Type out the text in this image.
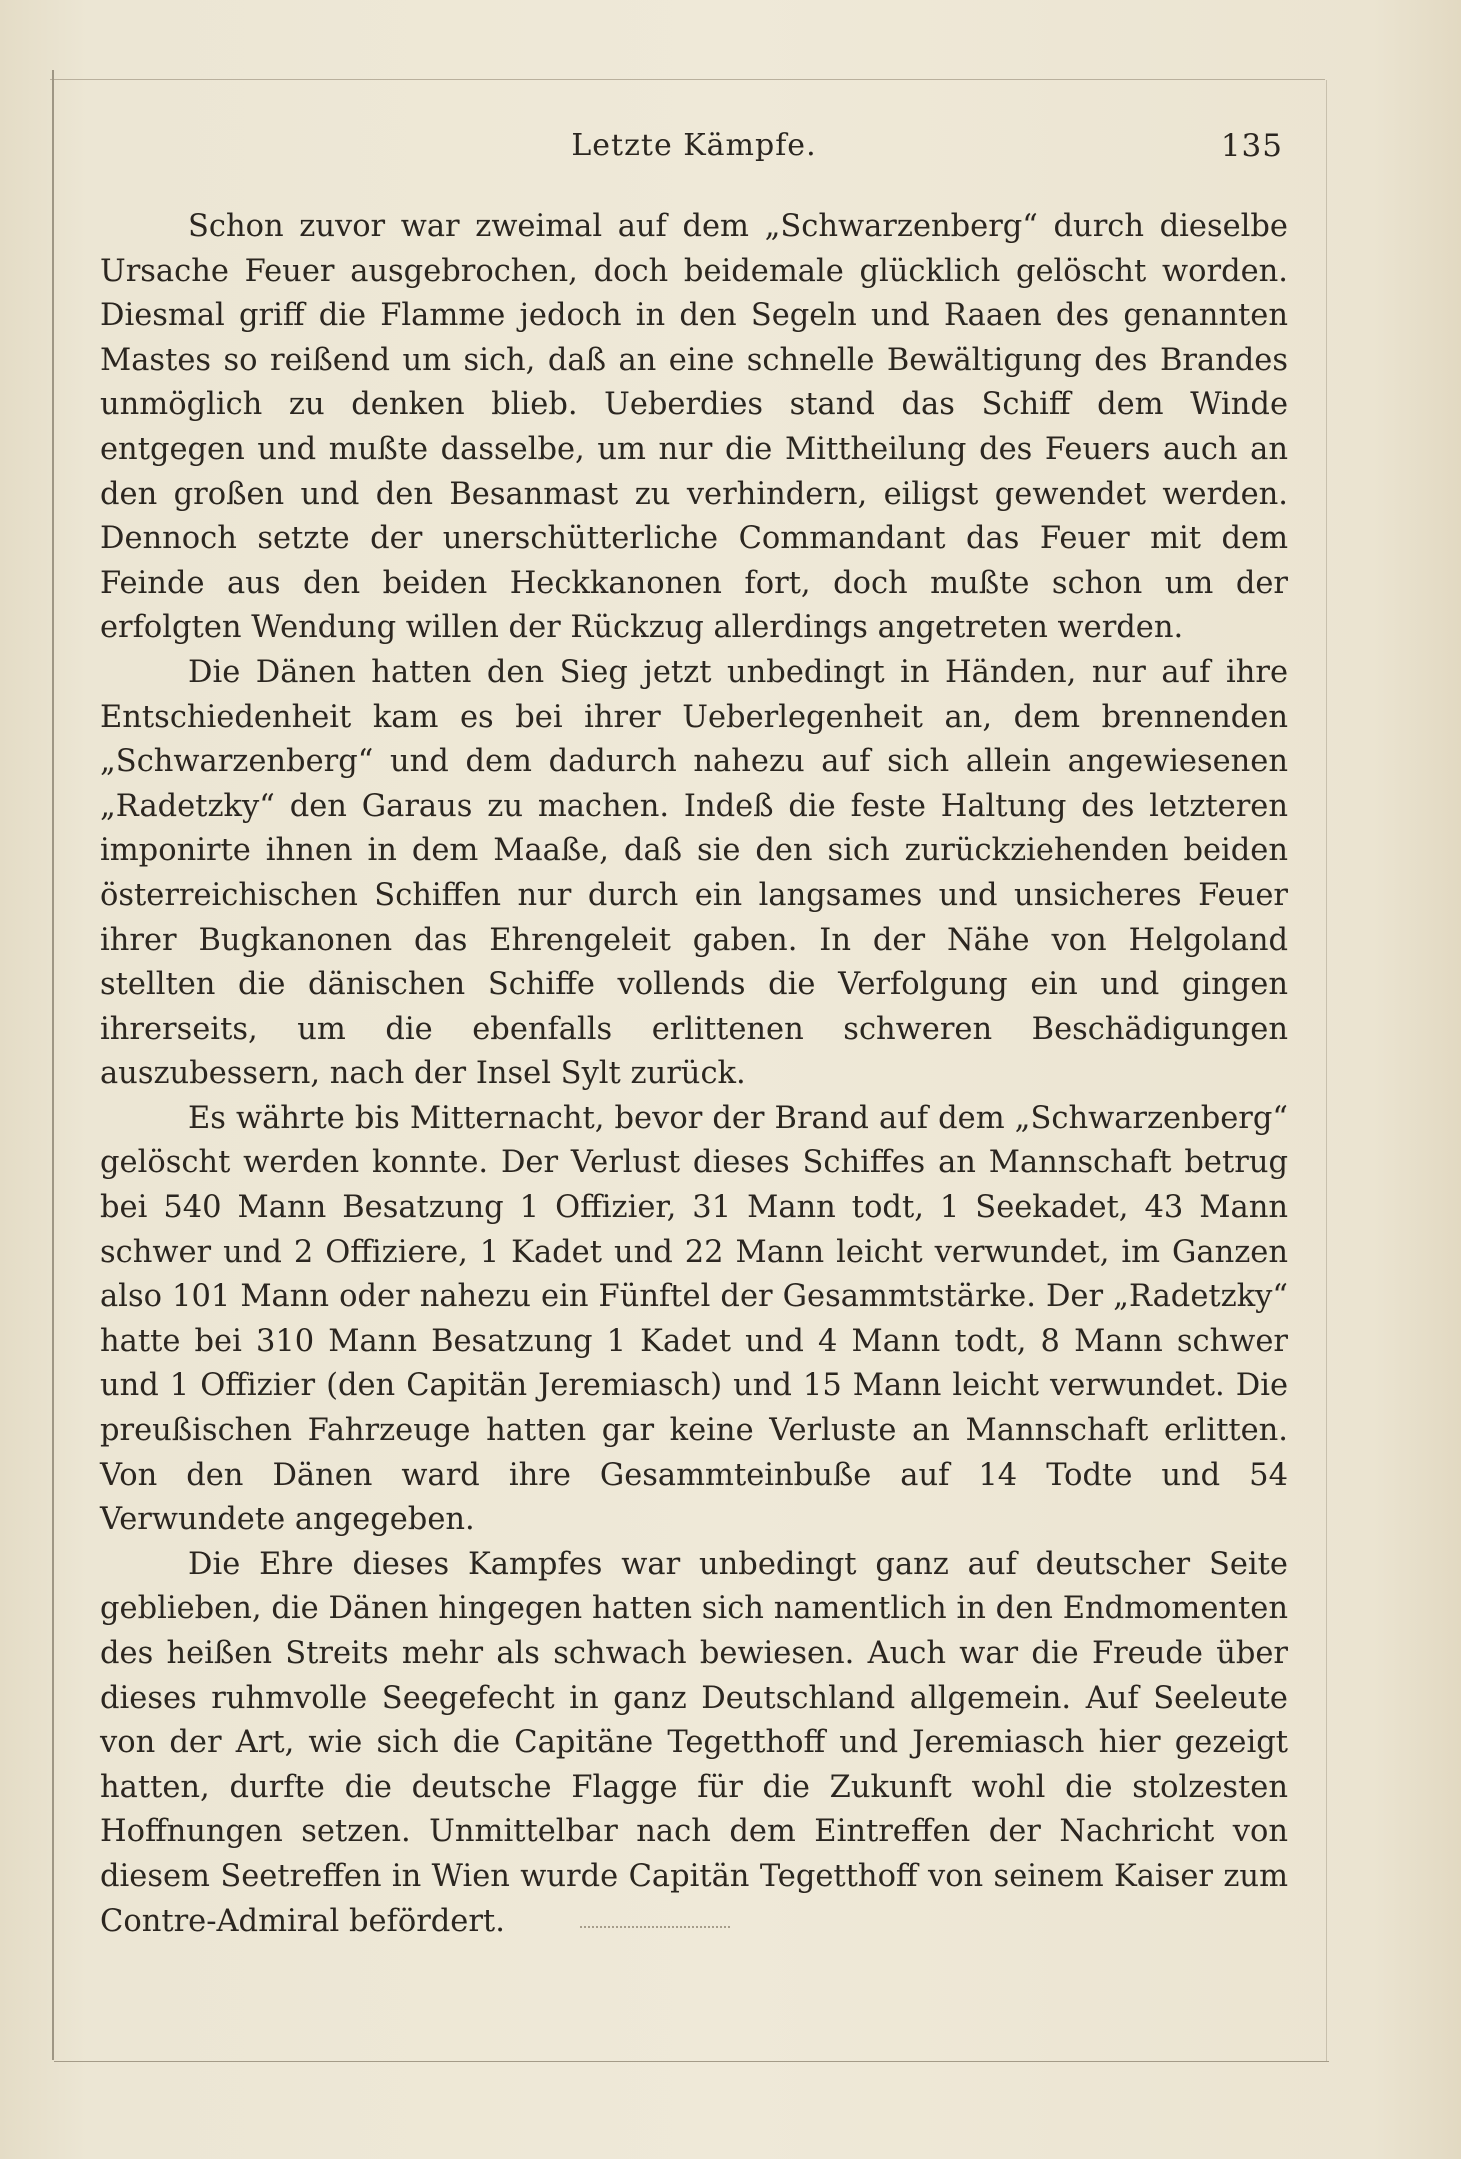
Letzte Kämpfe.	135

Schon zuvor war zweimal auf dem „Schwarzenberg“ durch dieselbe Ursache Feuer ausgebrochen, doch beidemale glücklich gelöscht worden. Diesmal griff die Flamme jedoch in den Segeln und Raaen des genannten Mastes so reißend um sich, daß an eine schnelle Bewältigung des Brandes unmöglich zu denken blieb. Ueberdies stand das Schiff dem Winde entgegen und mußte dasselbe, um nur die Mittheilung des Feuers auch an den großen und den Besanmast zu verhindern, eiligst gewendet werden. Dennoch setzte der unerschütterliche Commandant das Feuer mit dem Feinde aus den beiden Heckkanonen fort, doch mußte schon um der erfolgten Wendung willen der Rückzug allerdings angetreten werden.

Die Dänen hatten den Sieg jetzt unbedingt in Händen, nur auf ihre Entschiedenheit kam es bei ihrer Ueberlegenheit an, dem brennenden „Schwarzenberg“ und dem dadurch nahezu auf sich allein angewiesenen „Radetzky“ den Garaus zu machen. Indeß die feste Haltung des letzteren imponirte ihnen in dem Maaße, daß sie den sich zurückziehenden beiden österreichischen Schiffen nur durch ein langsames und unsicheres Feuer ihrer Bugkanonen das Ehrengeleit gaben. In der Nähe von Helgoland stellten die dänischen Schiffe vollends die Verfolgung ein und gingen ihrerseits, um die ebenfalls erlittenen schweren Beschädigungen auszubessern, nach der Insel Sylt zurück.

Es währte bis Mitternacht, bevor der Brand auf dem „Schwarzenberg“ gelöscht werden konnte. Der Verlust dieses Schiffes an Mannschaft betrug bei 540 Mann Besatzung 1 Offizier, 31 Mann todt, 1 Seekadet, 43 Mann schwer und 2 Offiziere, 1 Kadet und 22 Mann leicht verwundet, im Ganzen also 101 Mann oder nahezu ein Fünftel der Gesammtstärke. Der „Radetzky“ hatte bei 310 Mann Besatzung 1 Kadet und 4 Mann todt, 8 Mann schwer und 1 Offizier (den Capitän Jeremiasch) und 15 Mann leicht verwundet. Die preußischen Fahrzeuge hatten gar keine Verluste an Mannschaft erlitten. Von den Dänen ward ihre Gesammteinbuße auf 14 Todte und 54 Verwundete angegeben.

Die Ehre dieses Kampfes war unbedingt ganz auf deutscher Seite geblieben, die Dänen hingegen hatten sich namentlich in den Endmomenten des heißen Streits mehr als schwach bewiesen. Auch war die Freude über dieses ruhmvolle Seegefecht in ganz Deutschland allgemein. Auf Seeleute von der Art, wie sich die Capitäne Tegetthoff und Jeremiasch hier gezeigt hatten, durfte die deutsche Flagge für die Zukunft wohl die stolzesten Hoffnungen setzen. Unmittelbar nach dem Eintreffen der Nachricht von diesem Seetreffen in Wien wurde Capitän Tegetthoff von seinem Kaiser zum Contre-Admiral befördert.
